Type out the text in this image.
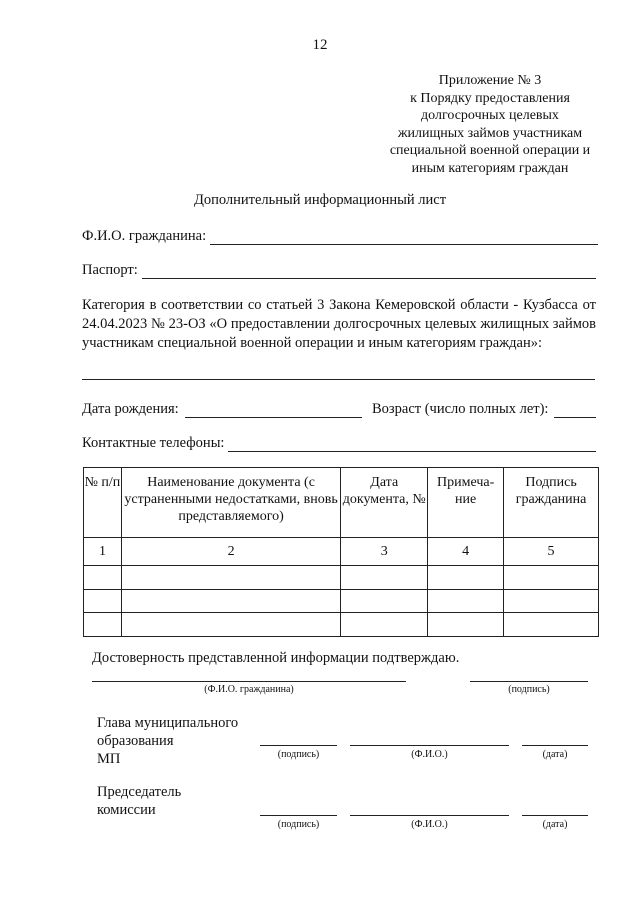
12
Приложение № 3
к Порядку предоставления
долгосрочных целевых
жилищных займов участникам
специальной военной операции и
иным категориям граждан
Дополнительный информационный лист
Ф.И.О. гражданина:
Паспорт:
Категория в соответствии со статьей 3 Закона Кемеровской области - Кузбасса от 24.04.2023 № 23-ОЗ «О предоставлении долгосрочных целевых жилищных займов участникам специальной военной операции и иным категориям граждан»:
Дата рождения:	Возраст (число полных лет):
Контактные телефоны:
№ п/п	Наименование документа (с устраненными недостатками, вновь представляемого)	Дата документа, №	Примеча-ние	Подпись гражданина
1	2	3	4	5

Достоверность представленной информации подтверждаю.
(Ф.И.О. гражданина)	(подпись)
Глава муниципального
образования
МП	(подпись)	(Ф.И.О.)	(дата)
Председатель
комиссии
(подпись)	(Ф.И.О.)	(дата)
